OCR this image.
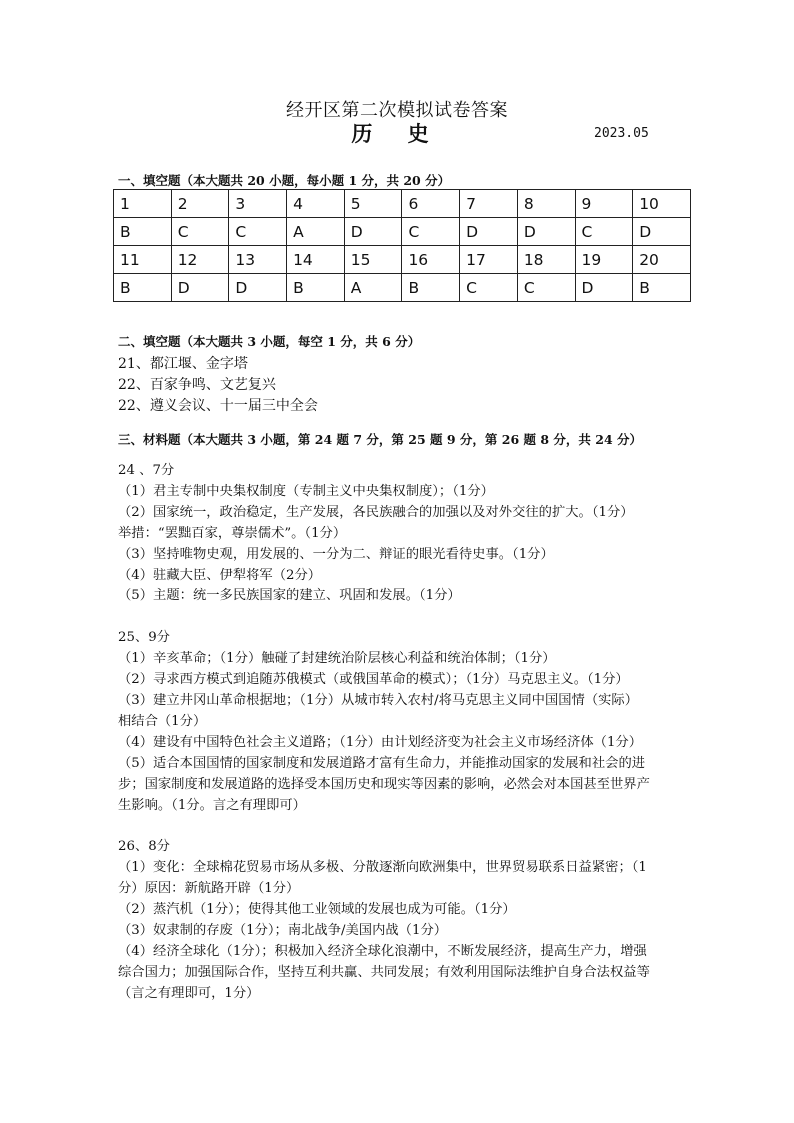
经开区第二次模拟试卷答案
历 史	2023.05
一、填空题（本大题共 20 小题，每小题 1 分，共 20 分）
1	2	3	4	5	6	7	8	9	10
B	C	C	A	D	C	D	D	C	D
11	12	13	14	15	16	17	18	19	20
B	D	D	B	A	B	C	C	D	B
二、填空题（本大题共 3 小题，每空 1 分，共 6 分）
21、都江堰、金字塔
22、百家争鸣、文艺复兴
22、遵义会议、十一届三中全会
三、材料题（本大题共 3 小题，第 24 题 7 分，第 25 题 9 分，第 26 题 8 分，共 24 分）
24 、7分
（1）君主专制中央集权制度（专制主义中央集权制度）；（1分）
（2）国家统一，政治稳定，生产发展，各民族融合的加强以及对外交往的扩大。（1分）
举措：“罢黜百家，尊崇儒术”。（1分）
（3）坚持唯物史观，用发展的、一分为二、辩证的眼光看待史事。（1分）
（4）驻藏大臣、伊犁将军（2分）
（5）主题：统一多民族国家的建立、巩固和发展。（1分）
25、9分
（1）辛亥革命；（1分）触碰了封建统治阶层核心利益和统治体制；（1分）
（2）寻求西方模式到追随苏俄模式（或俄国革命的模式）；（1分）马克思主义。（1分）
（3）建立井冈山革命根据地；（1分）从城市转入农村/将马克思主义同中国国情（实际）
相结合（1分）
（4）建设有中国特色社会主义道路；（1分）由计划经济变为社会主义市场经济体（1分）
（5）适合本国国情的国家制度和发展道路才富有生命力，并能推动国家的发展和社会的进
步；国家制度和发展道路的选择受本国历史和现实等因素的影响，必然会对本国甚至世界产
生影响。（1分。言之有理即可）
26、8分
（1）变化：全球棉花贸易市场从多极、分散逐渐向欧洲集中，世界贸易联系日益紧密；（1
分）原因：新航路开辟（1分）
（2）蒸汽机（1分）；使得其他工业领域的发展也成为可能。（1分）
（3）奴隶制的存废（1分）；南北战争/美国内战（1分）
（4）经济全球化（1分）；积极加入经济全球化浪潮中，不断发展经济，提高生产力，增强
综合国力；加强国际合作，坚持互利共赢、共同发展；有效利用国际法维护自身合法权益等
（言之有理即可，1分）
